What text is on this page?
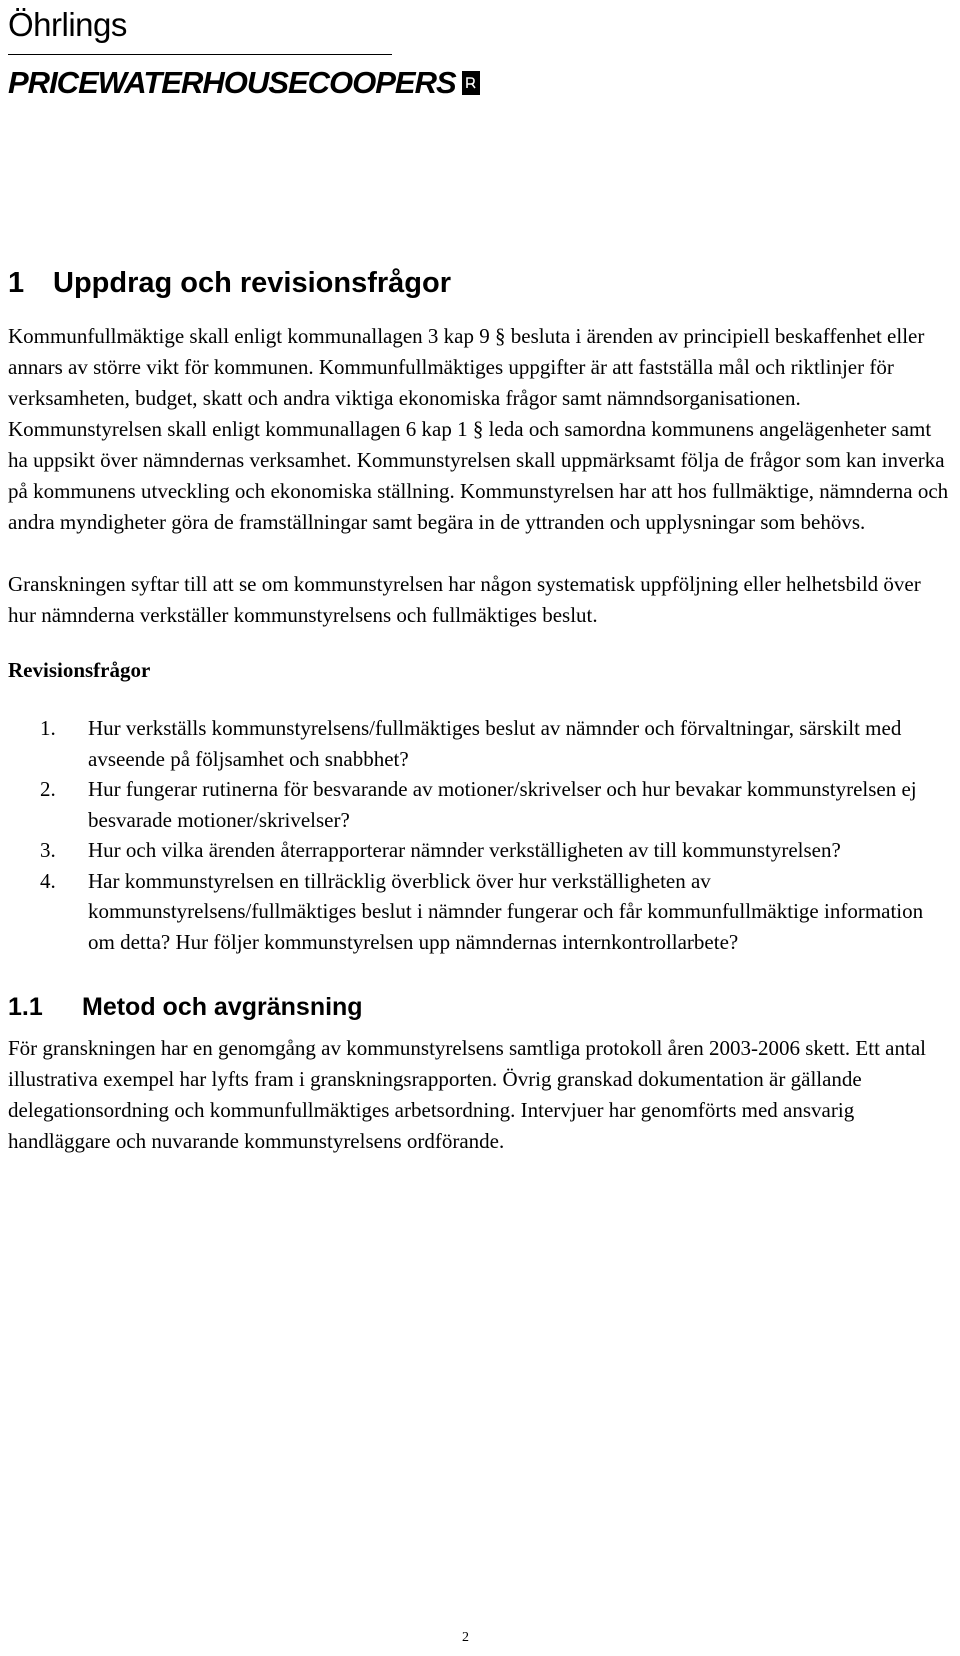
Öhrlings
PRICEWATERHOUSECOOPERS
1 Uppdrag och revisionsfrågor

Kommunfullmäktige skall enligt kommunallagen 3 kap 9 § besluta i ärenden av principiell beskaffenhet eller annars av större vikt för kommunen. Kommunfullmäktiges uppgifter är att fastställa mål och riktlinjer för verksamheten, budget, skatt och andra viktiga ekonomiska frågor samt nämndsorganisationen. Kommunstyrelsen skall enligt kommunallagen 6 kap 1 § leda och samordna kommunens angelägenheter samt ha uppsikt över nämndernas verksamhet. Kommunstyrelsen skall uppmärksamt följa de frågor som kan inverka på kommunens utveckling och ekonomiska ställning. Kommunstyrelsen har att hos fullmäktige, nämnderna och andra myndigheter göra de framställningar samt begära in de yttranden och upplysningar som behövs.

Granskningen syftar till att se om kommunstyrelsen har någon systematisk uppföljning eller helhetsbild över hur nämnderna verkställer kommunstyrelsens och fullmäktiges beslut.

Revisionsfrågor
1.	Hur verkställs kommunstyrelsens/fullmäktiges beslut av nämnder och förvaltningar, särskilt med avseende på följsamhet och snabbhet?
2.	Hur fungerar rutinerna för besvarande av motioner/skrivelser och hur bevakar kommunstyrelsen ej besvarade motioner/skrivelser?
3.	Hur och vilka ärenden återrapporterar nämnder verkställigheten av till kommunstyrelsen?
4.	Har kommunstyrelsen en tillräcklig överblick över hur verkställigheten av kommunstyrelsens/fullmäktiges beslut i nämnder fungerar och får kommunfullmäktige information om detta? Hur följer kommunstyrelsen upp nämndernas internkontrollarbete?
1.1	Metod och avgränsning

För granskningen har en genomgång av kommunstyrelsens samtliga protokoll åren 2003-2006 skett. Ett antal illustrativa exempel har lyfts fram i granskningsrapporten. Övrig granskad dokumentation är gällande delegationsordning och kommunfullmäktiges arbetsordning. Intervjuer har genomförts med ansvarig handläggare och nuvarande kommunstyrelsens ordförande.

2
